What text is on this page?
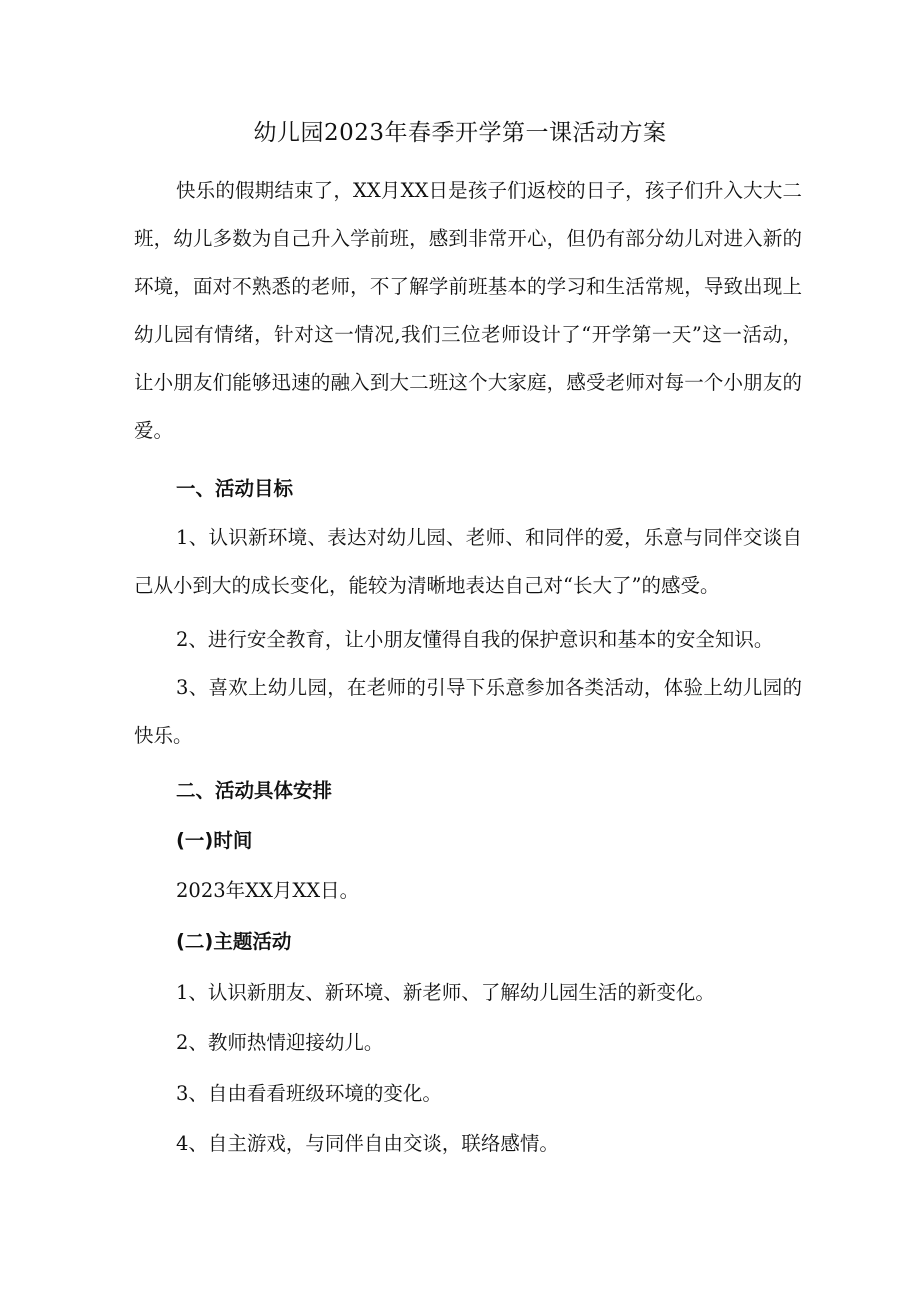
幼儿园2023年春季开学第一课活动方案
快乐的假期结束了，XX月XX日是孩子们返校的日子，孩子们升入大大二班，幼儿多数为自己升入学前班，感到非常开心，但仍有部分幼儿对进入新的环境，面对不熟悉的老师，不了解学前班基本的学习和生活常规，导致出现上幼儿园有情绪，针对这一情况,我们三位老师设计了“开学第一天”这一活动，让小朋友们能够迅速的融入到大二班这个大家庭，感受老师对每一个小朋友的爱。
一、活动目标
1、认识新环境、表达对幼儿园、老师、和同伴的爱，乐意与同伴交谈自己从小到大的成长变化，能较为清晰地表达自己对“长大了”的感受。
2、进行安全教育，让小朋友懂得自我的保护意识和基本的安全知识。
3、喜欢上幼儿园，在老师的引导下乐意参加各类活动，体验上幼儿园的快乐。
二、活动具体安排
(一)时间
2023年XX月XX日。
(二)主题活动
1、认识新朋友、新环境、新老师、了解幼儿园生活的新变化。
2、教师热情迎接幼儿。
3、自由看看班级环境的变化。
4、自主游戏，与同伴自由交谈，联络感情。
